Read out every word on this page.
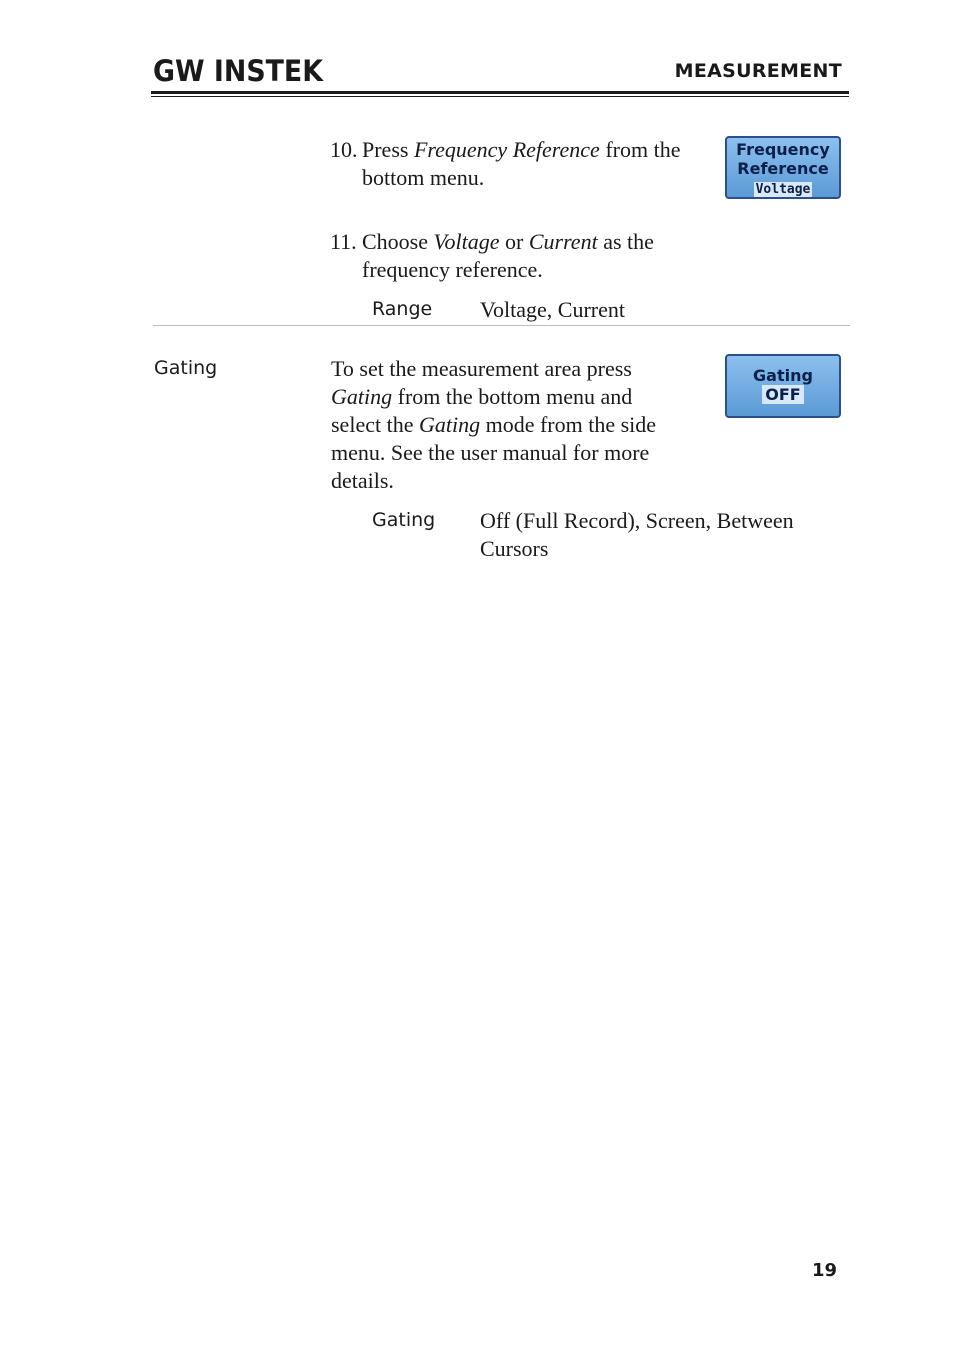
GW INSTEK	MEASUREMENT
10. Press Frequency Reference from the
bottom menu.
Frequency
Reference
Voltage
11. Choose Voltage or Current as the
frequency reference.
Range Voltage, Current
Gating	To set the measurement area press
Gating from the bottom menu and
select the Gating mode from the side
menu. See the user manual for more
details.
Gating
OFF
Gating Off (Full Record), Screen, Between
Cursors
19
